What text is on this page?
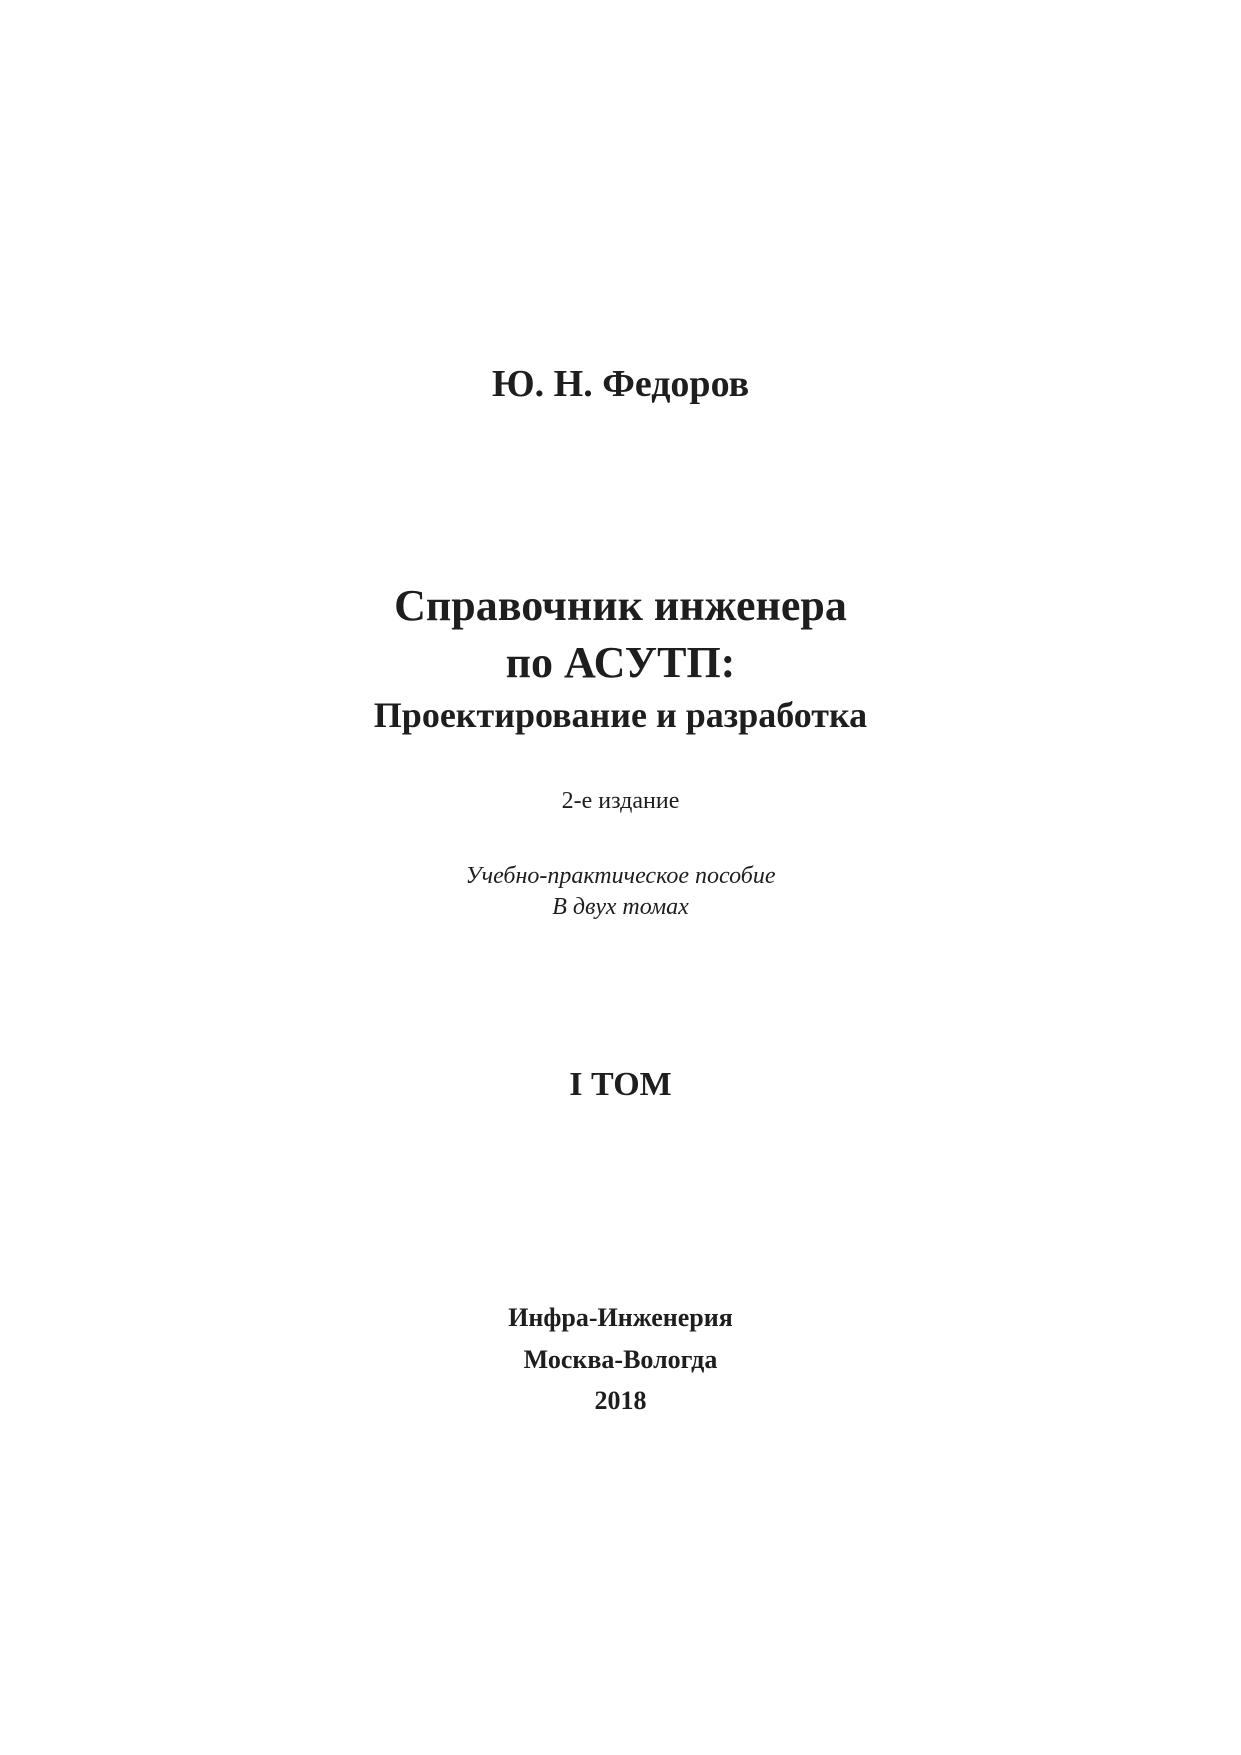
Ю. Н. Федоров
Справочник инженера
по АСУТП:
Проектирование и разработка
2-е издание
Учебно-практическое пособие
В двух томах
I ТОМ
Инфра-Инженерия
Москва-Вологда
2018
